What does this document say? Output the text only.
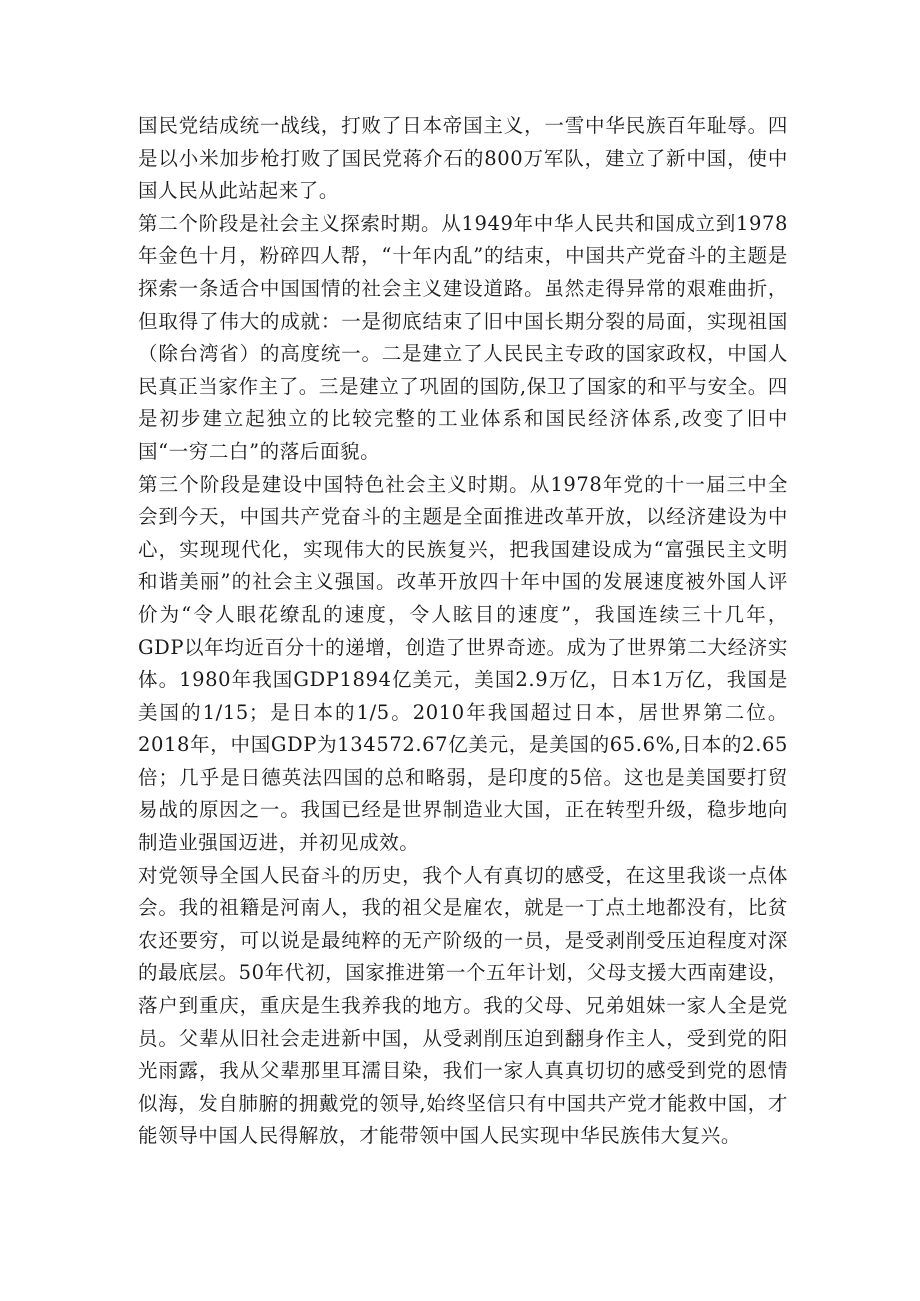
国民党结成统一战线，打败了日本帝国主义，一雪中华民族百年耻辱。四是以小米加步枪打败了国民党蒋介石的800万军队，建立了新中国，使中国人民从此站起来了。

第二个阶段是社会主义探索时期。从1949年中华人民共和国成立到1978年金色十月，粉碎四人帮，“十年内乱”的结束，中国共产党奋斗的主题是探索一条适合中国国情的社会主义建设道路。虽然走得异常的艰难曲折，但取得了伟大的成就：一是彻底结束了旧中国长期分裂的局面，实现祖国（除台湾省）的高度统一。二是建立了人民民主专政的国家政权，中国人民真正当家作主了。三是建立了巩固的国防,保卫了国家的和平与安全。四是初步建立起独立的比较完整的工业体系和国民经济体系,改变了旧中国“一穷二白”的落后面貌。

第三个阶段是建设中国特色社会主义时期。从1978年党的十一届三中全会到今天，中国共产党奋斗的主题是全面推进改革开放，以经济建设为中心，实现现代化，实现伟大的民族复兴，把我国建设成为“富强民主文明和谐美丽”的社会主义强国。改革开放四十年中国的发展速度被外国人评价为“令人眼花缭乱的速度，令人眩目的速度”，我国连续三十几年，GDP以年均近百分十的递增，创造了世界奇迹。成为了世界第二大经济实体。1980年我国GDP1894亿美元，美国2.9万亿，日本1万亿，我国是美国的1/15；是日本的1/5。2010年我国超过日本，居世界第二位。2018年，中国GDP为134572.67亿美元，是美国的65.6%,日本的2.65倍；几乎是日德英法四国的总和略弱，是印度的5倍。这也是美国要打贸易战的原因之一。我国已经是世界制造业大国，正在转型升级，稳步地向制造业强国迈进，并初见成效。

对党领导全国人民奋斗的历史，我个人有真切的感受，在这里我谈一点体会。我的祖籍是河南人，我的祖父是雇农，就是一丁点土地都没有，比贫农还要穷，可以说是最纯粹的无产阶级的一员，是受剥削受压迫程度对深的最底层。50年代初，国家推进第一个五年计划，父母支援大西南建设，落户到重庆，重庆是生我养我的地方。我的父母、兄弟姐妹一家人全是党员。父辈从旧社会走进新中国，从受剥削压迫到翻身作主人，受到党的阳光雨露，我从父辈那里耳濡目染，我们一家人真真切切的感受到党的恩情似海，发自肺腑的拥戴党的领导,始终坚信只有中国共产党才能救中国，才能领导中国人民得解放，才能带领中国人民实现中华民族伟大复兴。
